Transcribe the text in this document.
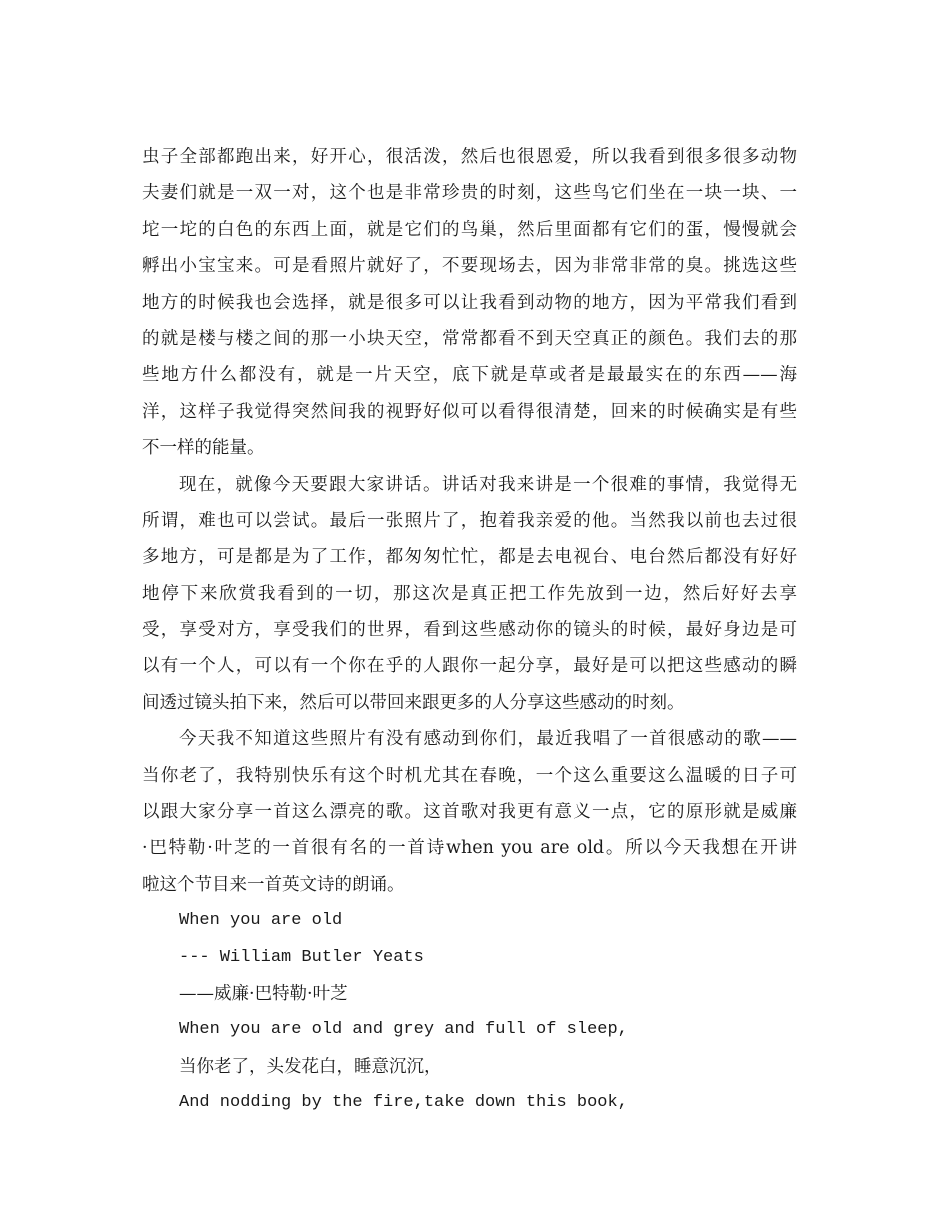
虫子全部都跑出来，好开心，很活泼，然后也很恩爱，所以我看到很多很多动物
夫妻们就是一双一对，这个也是非常珍贵的时刻，这些鸟它们坐在一块一块、一
坨一坨的白色的东西上面，就是它们的鸟巢，然后里面都有它们的蛋，慢慢就会
孵出小宝宝来。可是看照片就好了，不要现场去，因为非常非常的臭。挑选这些
地方的时候我也会选择，就是很多可以让我看到动物的地方，因为平常我们看到
的就是楼与楼之间的那一小块天空，常常都看不到天空真正的颜色。我们去的那
些地方什么都没有，就是一片天空，底下就是草或者是最最实在的东西——海
洋，这样子我觉得突然间我的视野好似可以看得很清楚，回来的时候确实是有些
不一样的能量。
现在，就像今天要跟大家讲话。讲话对我来讲是一个很难的事情，我觉得无
所谓，难也可以尝试。最后一张照片了，抱着我亲爱的他。当然我以前也去过很
多地方，可是都是为了工作，都匆匆忙忙，都是去电视台、电台然后都没有好好
地停下来欣赏我看到的一切，那这次是真正把工作先放到一边，然后好好去享
受，享受对方，享受我们的世界，看到这些感动你的镜头的时候，最好身边是可
以有一个人，可以有一个你在乎的人跟你一起分享，最好是可以把这些感动的瞬
间透过镜头拍下来，然后可以带回来跟更多的人分享这些感动的时刻。
今天我不知道这些照片有没有感动到你们，最近我唱了一首很感动的歌——
当你老了，我特别快乐有这个时机尤其在春晚，一个这么重要这么温暖的日子可
以跟大家分享一首这么漂亮的歌。这首歌对我更有意义一点，它的原形就是威廉
·巴特勒·叶芝的一首很有名的一首诗when you are old。所以今天我想在开讲
啦这个节目来一首英文诗的朗诵。
When you are old
--- William Butler Yeats
——威廉·巴特勒·叶芝
When you are old and grey and full of sleep,
当你老了，头发花白，睡意沉沉，
And nodding by the fire,take down this book,
